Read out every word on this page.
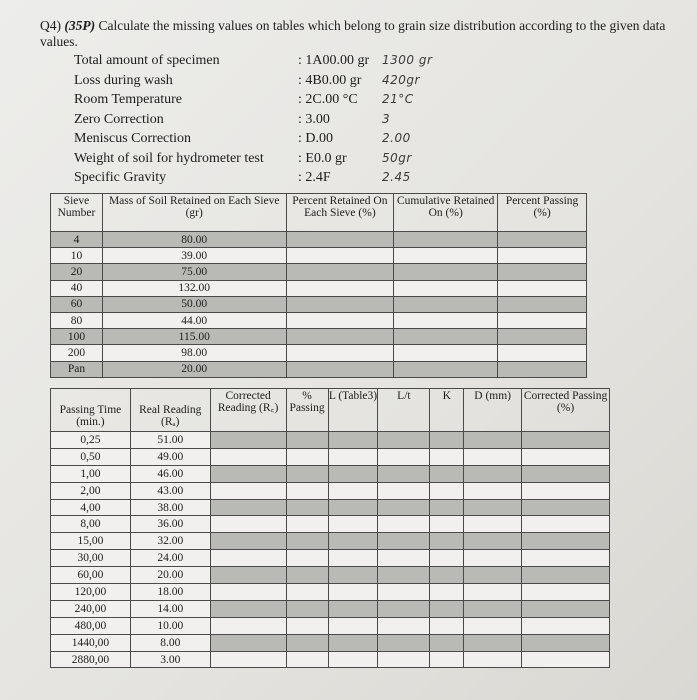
Q4) (35P) Calculate the missing values on tables which belong to grain size distribution according to the given data values.
Total amount of specimen	: 1A00.00 gr 1300 gr
Loss during wash	: 4B0.00 gr 420gr
Room Temperature	: 2C.00 °C 21°C
Zero Correction	: 3.00	3
Meniscus Correction	: D.00	2.00
Weight of soil for hydrometer test : E0.0 gr	50gr
Specific Gravity	: 2.4F	2.45
Sieve Number	Mass of Soil Retained on Each Sieve (gr)	Percent Retained On Each Sieve (%)	Cumulative Retained On (%)	Percent Passing (%)
4	80.00			
10	39.00			
20	75.00			
40	132.00			
60	50.00			
80	44.00			
100	115.00			
200	98.00			
Pan	20.00			
Passing Time (min.)	Real Reading (Rₐ)	Corrected Reading (R꜀)	% Passing	L (Table3)	L/t	K	D (mm)	Corrected Passing (%)
0,25	51.00							
0,50	49.00							
1,00	46.00							
2,00	43.00							
4,00	38.00							
8,00	36.00							
15,00	32.00							
30,00	24.00							
60,00	20.00							
120,00	18.00							
240,00	14.00							
480,00	10.00							
1440,00	8.00							
2880,00	3.00							
